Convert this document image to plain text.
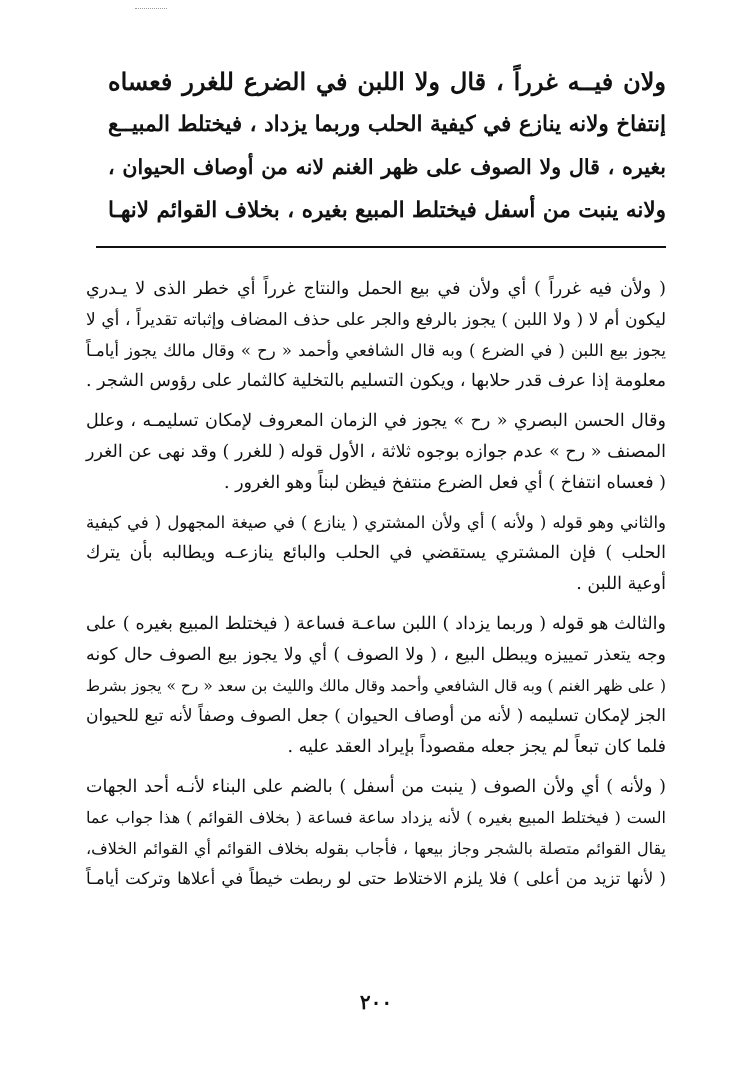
ولان فيــه غرراً ، قال ولا اللبن في الضرع للغرر فعساه
إنتفاخ ولانه ينازع في كيفية الحلب وربما يزداد ، فيختلط المبيــع
بغيره ، قال ولا الصوف على ظهر الغنم لانه من أوصاف الحيوان ،
ولانه ينبت من أسفل فيختلط المبيع بغيره ، بخلاف القوائم لانهـا
( ولأن فيه غرراً ) أي ولأن في بيع الحمل والنتاج غرراً أي خطر الذى لا يـدري
ليكون أم لا ( ولا اللبن ) يجوز بالرفع والجر على حذف المضاف وإثباته تقديراً ، أي لا
يجوز بيع اللبن ( في الضرع ) وبه قال الشافعي وأحمد « رح » وقال مالك يجوز أيامـاً
معلومة إذا عرف قدر حلابها ، ويكون التسليم بالتخلية كالثمار على رؤوس الشجر .
وقال الحسن البصري « رح » يجوز في الزمان المعروف لإمكان تسليمـه ، وعلل
المصنف « رح » عدم جوازه بوجوه ثلاثة ، الأول قوله ( للغرر ) وقد نهى عن الغرر
( فعساه انتفاخ ) أي فعل الضرع منتفخ فيظن لبناً وهو الغرور .
والثاني وهو قوله ( ولأنه ) أي ولأن المشتري ( ينازع ) في صيغة المجهول ( في كيفية
الحلب ) فإن المشتري يستقضي في الحلب والبائع ينازعـه ويطالبه بأن يترك
أوعية اللبن .
والثالث هو قوله ( وربما يزداد ) اللبن ساعـة فساعة ( فيختلط المبيع بغيره ) على
وجه يتعذر تمييزه ويبطل البيع ، ( ولا الصوف ) أي ولا يجوز بيع الصوف حال كونه
( على ظهر الغنم ) وبه قال الشافعي وأحمد وقال مالك والليث بن سعد « رح » يجوز بشرط
الجز لإمكان تسليمه ( لأنه من أوصاف الحيوان ) جعل الصوف وصفاً لأنه تبع للحيوان
فلما كان تبعاً لم يجز جعله مقصوداً بإيراد العقد عليه .
( ولأنه ) أي ولأن الصوف ( ينبت من أسفل ) بالضم على البناء لأنـه أحد الجهات
الست ( فيختلط المبيع بغيره ) لأنه يزداد ساعة فساعة ( بخلاف القوائم ) هذا جواب عما
يقال القوائم متصلة بالشجر وجاز بيعها ، فأجاب بقوله بخلاف القوائم أي القوائم الخلاف،
( لأنها تزيد من أعلى ) فلا يلزم الاختلاط حتى لو ربطت خيطاً في أعلاها وتركت أيامـاً
٢٠٠
